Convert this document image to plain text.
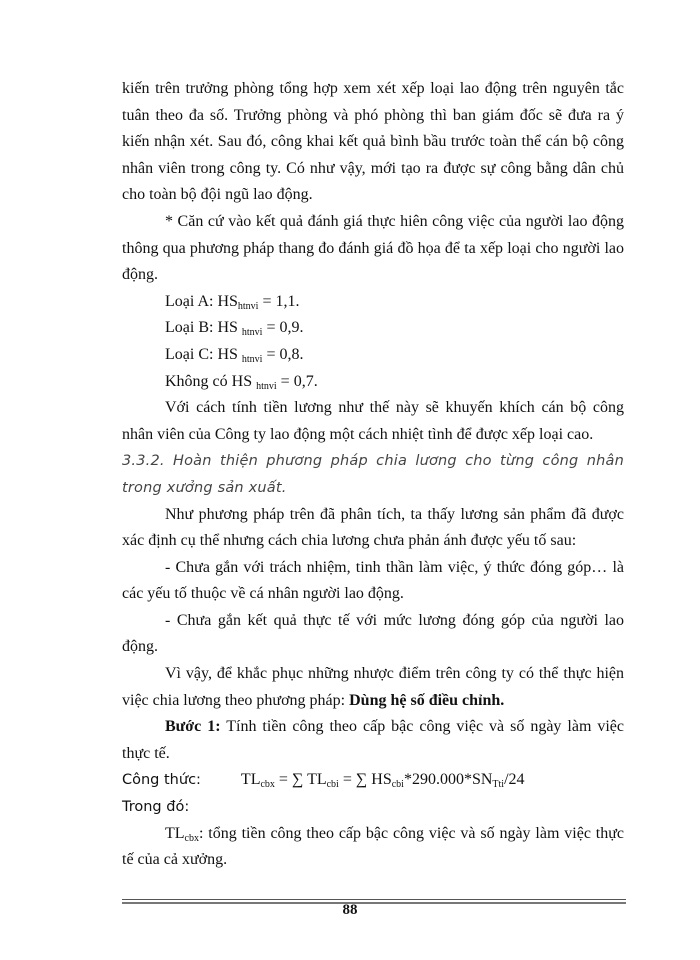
kiến trên trưởng phòng tổng hợp xem xét xếp loại lao động trên nguyên tắc tuân theo đa số. Trưởng phòng và phó phòng thì ban giám đốc sẽ đưa ra ý kiến nhận xét. Sau đó, công khai kết quả bình bầu trước toàn thể cán bộ công nhân viên trong công ty. Có như vậy, mới tạo ra được sự công bằng dân chủ cho toàn bộ đội ngũ lao động.

* Căn cứ vào kết quả đánh giá thực hiên công việc của người lao động thông qua phương pháp thang đo đánh giá đồ họa để ta xếp loại cho người lao động.

Loại A: $HS_{htnvi} = 1,1$.

Loại B: HS $_{htnvi}$ = 0,9.

Loại C: HS $_{htnvi}$ = 0,8.

Không có HS $_{htnvi}$ = 0,7.

Với cách tính tiền lương như thế này sẽ khuyến khích cán bộ công nhân viên của Công ty lao động một cách nhiệt tình để được xếp loại cao.

3.3.2. Hoàn thiện phương pháp chia lương cho từng công nhân trong xưởng sản xuất.

Như phương pháp trên đã phân tích, ta thấy lương sản phẩm đã được xác định cụ thể nhưng cách chia lương chưa phản ánh được yếu tố sau:

- Chưa gắn với trách nhiệm, tinh thần làm việc, ý thức đóng góp… là các yếu tố thuộc về cá nhân người lao động.

- Chưa gắn kết quả thực tế với mức lương đóng góp của người lao động.

Vì vậy, để khắc phục những nhược điểm trên công ty có thể thực hiện việc chia lương theo phương pháp: Dùng hệ số điều chỉnh.

Bước 1: Tính tiền công theo cấp bậc công việc và số ngày làm việc thực tế.

Công thức:	$TL_{cbx}$ = ∑ $TL_{cbi}$ = ∑ $HS_{cbi}*290.000*SN_{Tti}/24$

Trong đó:

$TL_{cbx}$: tổng tiền công theo cấp bậc công việc và số ngày làm việc thực tế của cả xưởng.

88
